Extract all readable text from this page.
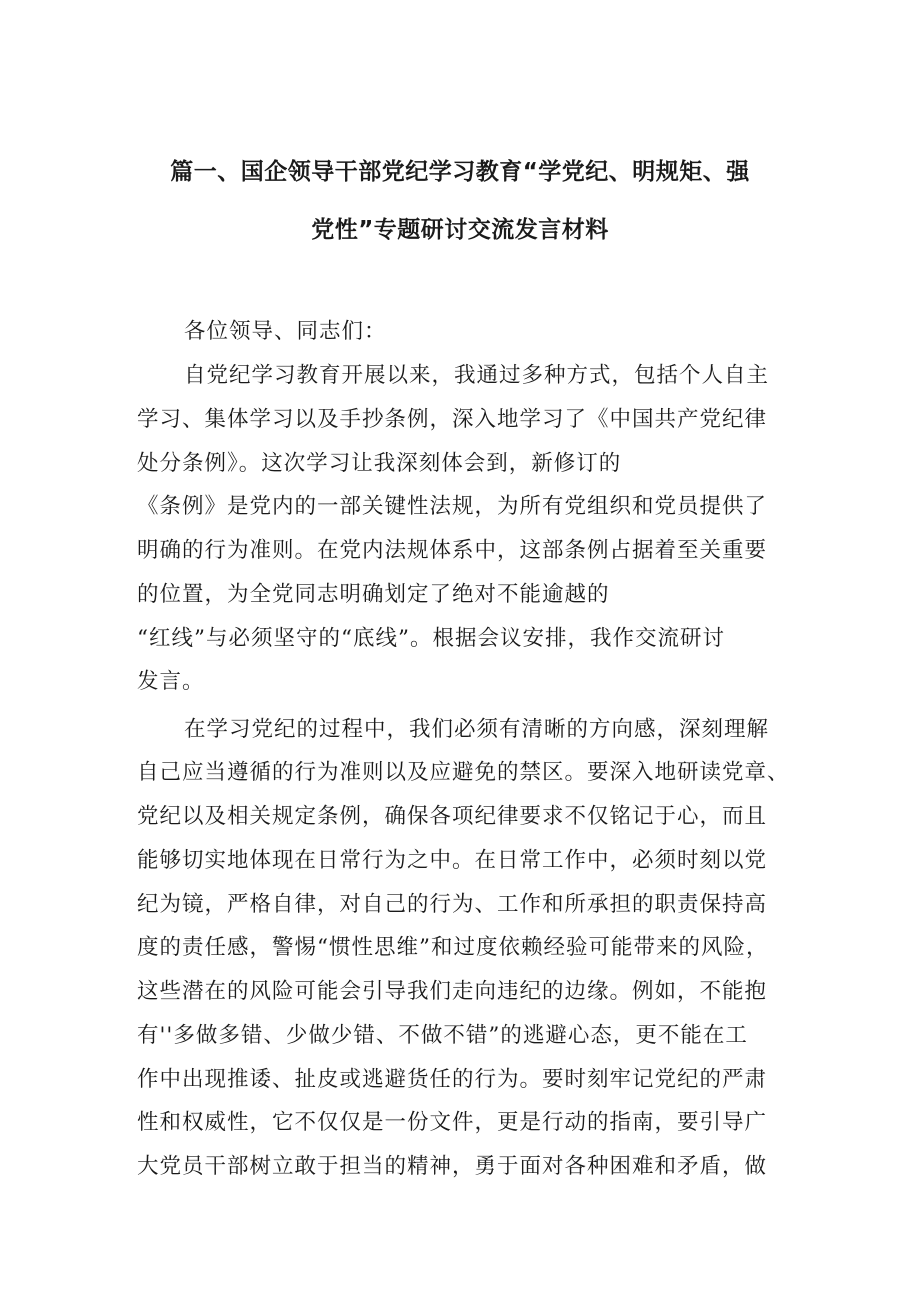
篇一、国企领导干部党纪学习教育“学党纪、明规矩、强
党性”专题研讨交流发言材料
各位领导、同志们：
自党纪学习教育开展以来，我通过多种方式，包括个人自主
学习、集体学习以及手抄条例，深入地学习了《中国共产党纪律
处分条例》。这次学习让我深刻体会到，新修订的
《条例》是党内的一部关键性法规，为所有党组织和党员提供了
明确的行为准则。在党内法规体系中，这部条例占据着至关重要
的位置，为全党同志明确划定了绝对不能逾越的
“红线”与必须坚守的“底线”。根据会议安排，我作交流研讨
发言。
在学习党纪的过程中，我们必须有清晰的方向感，深刻理解
自己应当遵循的行为准则以及应避免的禁区。要深入地研读党章、
党纪以及相关规定条例，确保各项纪律要求不仅铭记于心，而且
能够切实地体现在日常行为之中。在日常工作中，必须时刻以党
纪为镜，严格自律，对自己的行为、工作和所承担的职责保持高
度的责任感，警惕“惯性思维”和过度依赖经验可能带来的风险，
这些潜在的风险可能会引导我们走向违纪的边缘。例如，不能抱
有''多做多错、少做少错、不做不错”的逃避心态，更不能在工
作中出现推诿、扯皮或逃避货任的行为。要时刻牢记党纪的严肃
性和权威性，它不仅仅是一份文件，更是行动的指南，要引导广
大党员干部树立敢于担当的精神，勇于面对各种困难和矛盾，做
